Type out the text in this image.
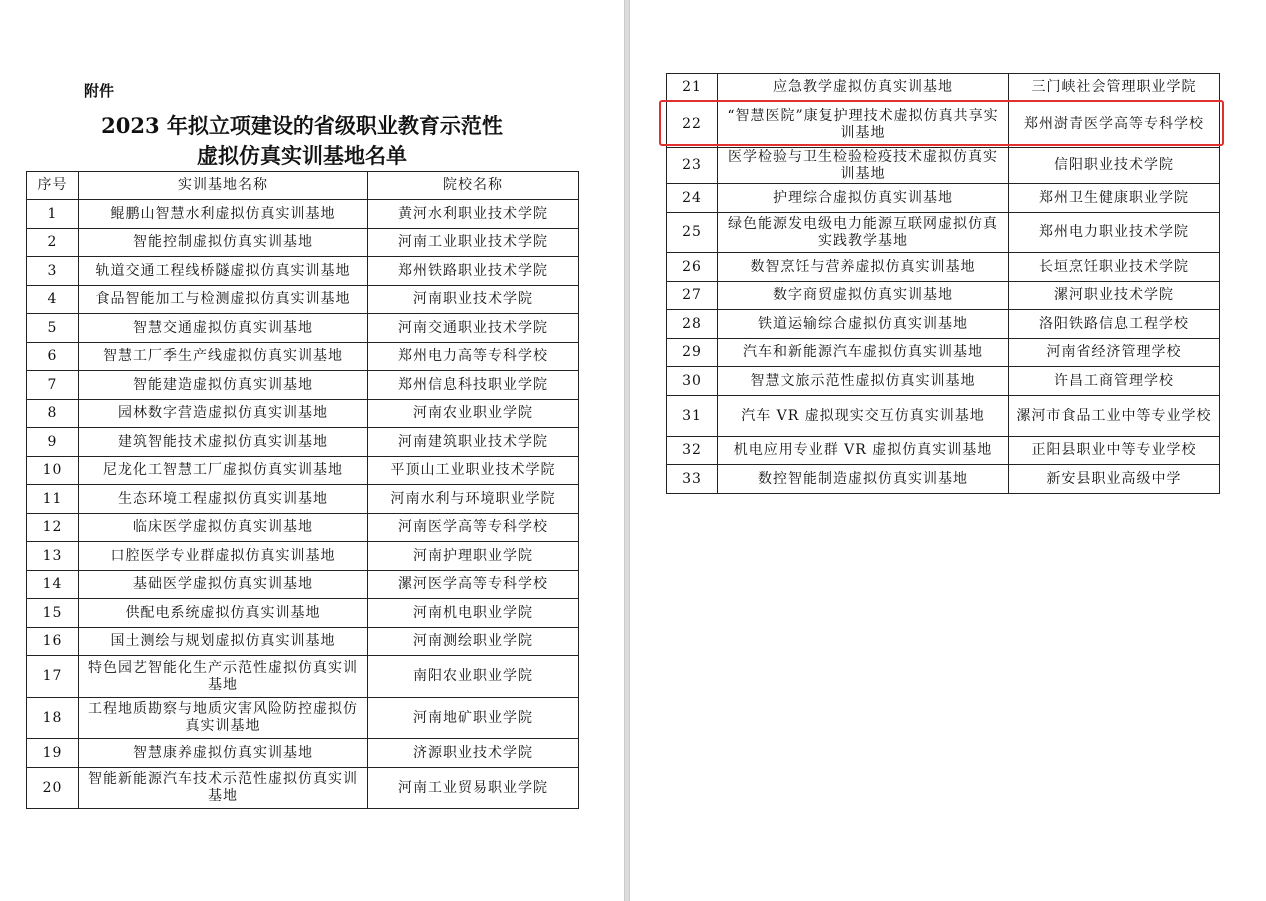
附件
2023 年拟立项建设的省级职业教育示范性
虚拟仿真实训基地名单
序号	实训基地名称	院校名称
1	鲲鹏山智慧水利虚拟仿真实训基地	黄河水利职业技术学院
2	智能控制虚拟仿真实训基地	河南工业职业技术学院
3	轨道交通工程线桥隧虚拟仿真实训基地	郑州铁路职业技术学院
4	食品智能加工与检测虚拟仿真实训基地	河南职业技术学院
5	智慧交通虚拟仿真实训基地	河南交通职业技术学院
6	智慧工厂季生产线虚拟仿真实训基地	郑州电力高等专科学校
7	智能建造虚拟仿真实训基地	郑州信息科技职业学院
8	园林数字营造虚拟仿真实训基地	河南农业职业学院
9	建筑智能技术虚拟仿真实训基地	河南建筑职业技术学院
10	尼龙化工智慧工厂虚拟仿真实训基地	平顶山工业职业技术学院
11	生态环境工程虚拟仿真实训基地	河南水利与环境职业学院
12	临床医学虚拟仿真实训基地	河南医学高等专科学校
13	口腔医学专业群虚拟仿真实训基地	河南护理职业学院
14	基础医学虚拟仿真实训基地	漯河医学高等专科学校
15	供配电系统虚拟仿真实训基地	河南机电职业学院
16	国土测绘与规划虚拟仿真实训基地	河南测绘职业学院
17	特色园艺智能化生产示范性虚拟仿真实训基地	南阳农业职业学院
18	工程地质勘察与地质灾害风险防控虚拟仿真实训基地	河南地矿职业学院
19	智慧康养虚拟仿真实训基地	济源职业技术学院
20	智能新能源汽车技术示范性虚拟仿真实训基地	河南工业贸易职业学院
21	应急教学虚拟仿真实训基地	三门峡社会管理职业学院
22	“智慧医院”康复护理技术虚拟仿真共享实训基地	郑州澍青医学高等专科学校
23	医学检验与卫生检验检疫技术虚拟仿真实训基地	信阳职业技术学院
24	护理综合虚拟仿真实训基地	郑州卫生健康职业学院
25	绿色能源发电级电力能源互联网虚拟仿真实践教学基地	郑州电力职业技术学院
26	数智烹饪与营养虚拟仿真实训基地	长垣烹饪职业技术学院
27	数字商贸虚拟仿真实训基地	漯河职业技术学院
28	铁道运输综合虚拟仿真实训基地	洛阳铁路信息工程学校
29	汽车和新能源汽车虚拟仿真实训基地	河南省经济管理学校
30	智慧文旅示范性虚拟仿真实训基地	许昌工商管理学校
31	汽车 VR 虚拟现实交互仿真实训基地	漯河市食品工业中等专业学校
32	机电应用专业群 VR 虚拟仿真实训基地	正阳县职业中等专业学校
33	数控智能制造虚拟仿真实训基地	新安县职业高级中学
